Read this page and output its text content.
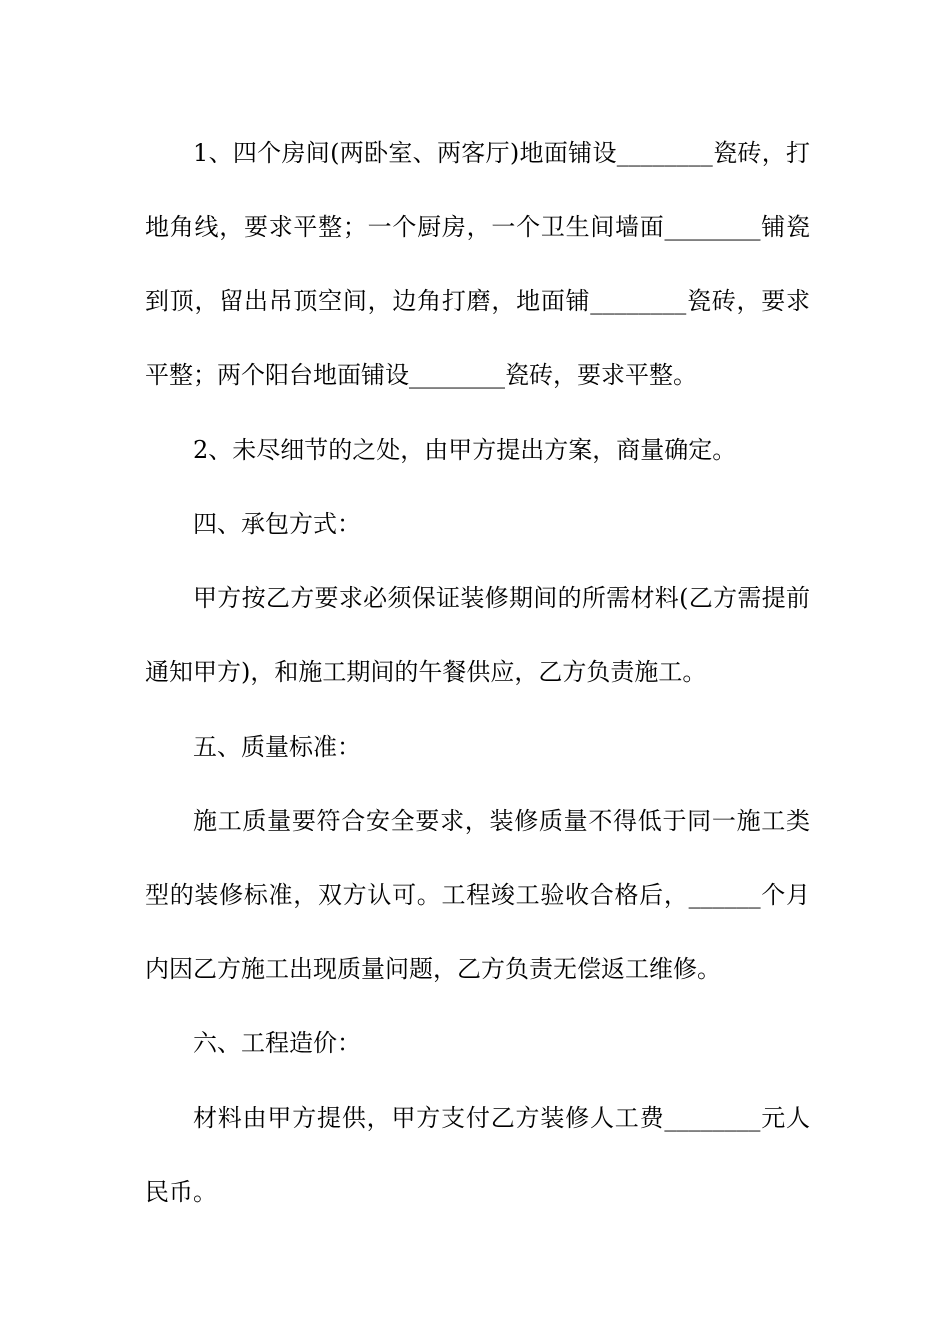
1、四个房间(两卧室、两客厅)地面铺设________瓷砖，打
地角线，要求平整；一个厨房，一个卫生间墙面________铺瓷
到顶，留出吊顶空间，边角打磨，地面铺________瓷砖，要求
平整；两个阳台地面铺设________瓷砖，要求平整。
2、未尽细节的之处，由甲方提出方案，商量确定。
四、承包方式：
甲方按乙方要求必须保证装修期间的所需材料(乙方需提前
通知甲方)，和施工期间的午餐供应，乙方负责施工。
五、质量标准：
施工质量要符合安全要求，装修质量不得低于同一施工类
型的装修标准，双方认可。工程竣工验收合格后，______个月
内因乙方施工出现质量问题，乙方负责无偿返工维修。
六、工程造价：
材料由甲方提供，甲方支付乙方装修人工费________元人
民币。
